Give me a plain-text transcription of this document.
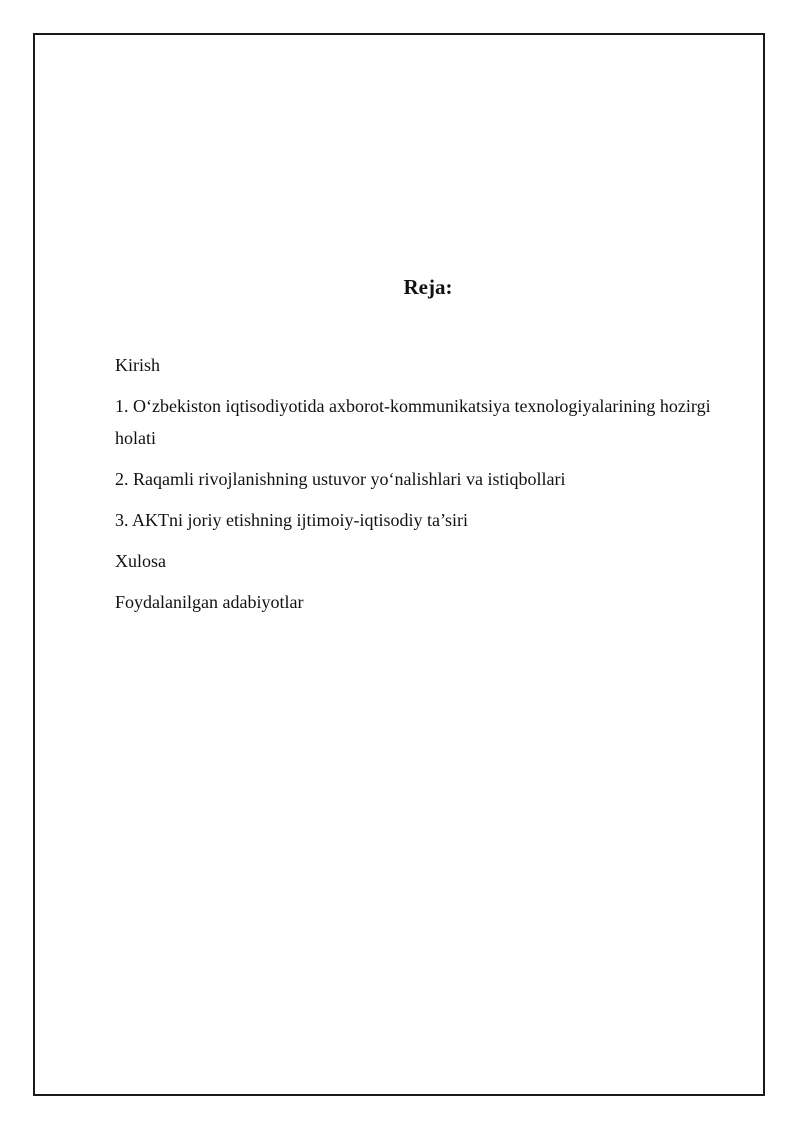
Reja:
Kirish
1. O‘zbekiston iqtisodiyotida axborot-kommunikatsiya texnologiyalarining hozirgi holati
2. Raqamli rivojlanishning ustuvor yo‘nalishlari va istiqbollari
3. AKTni joriy etishning ijtimoiy-iqtisodiy ta’siri
Xulosa
Foydalanilgan adabiyotlar
